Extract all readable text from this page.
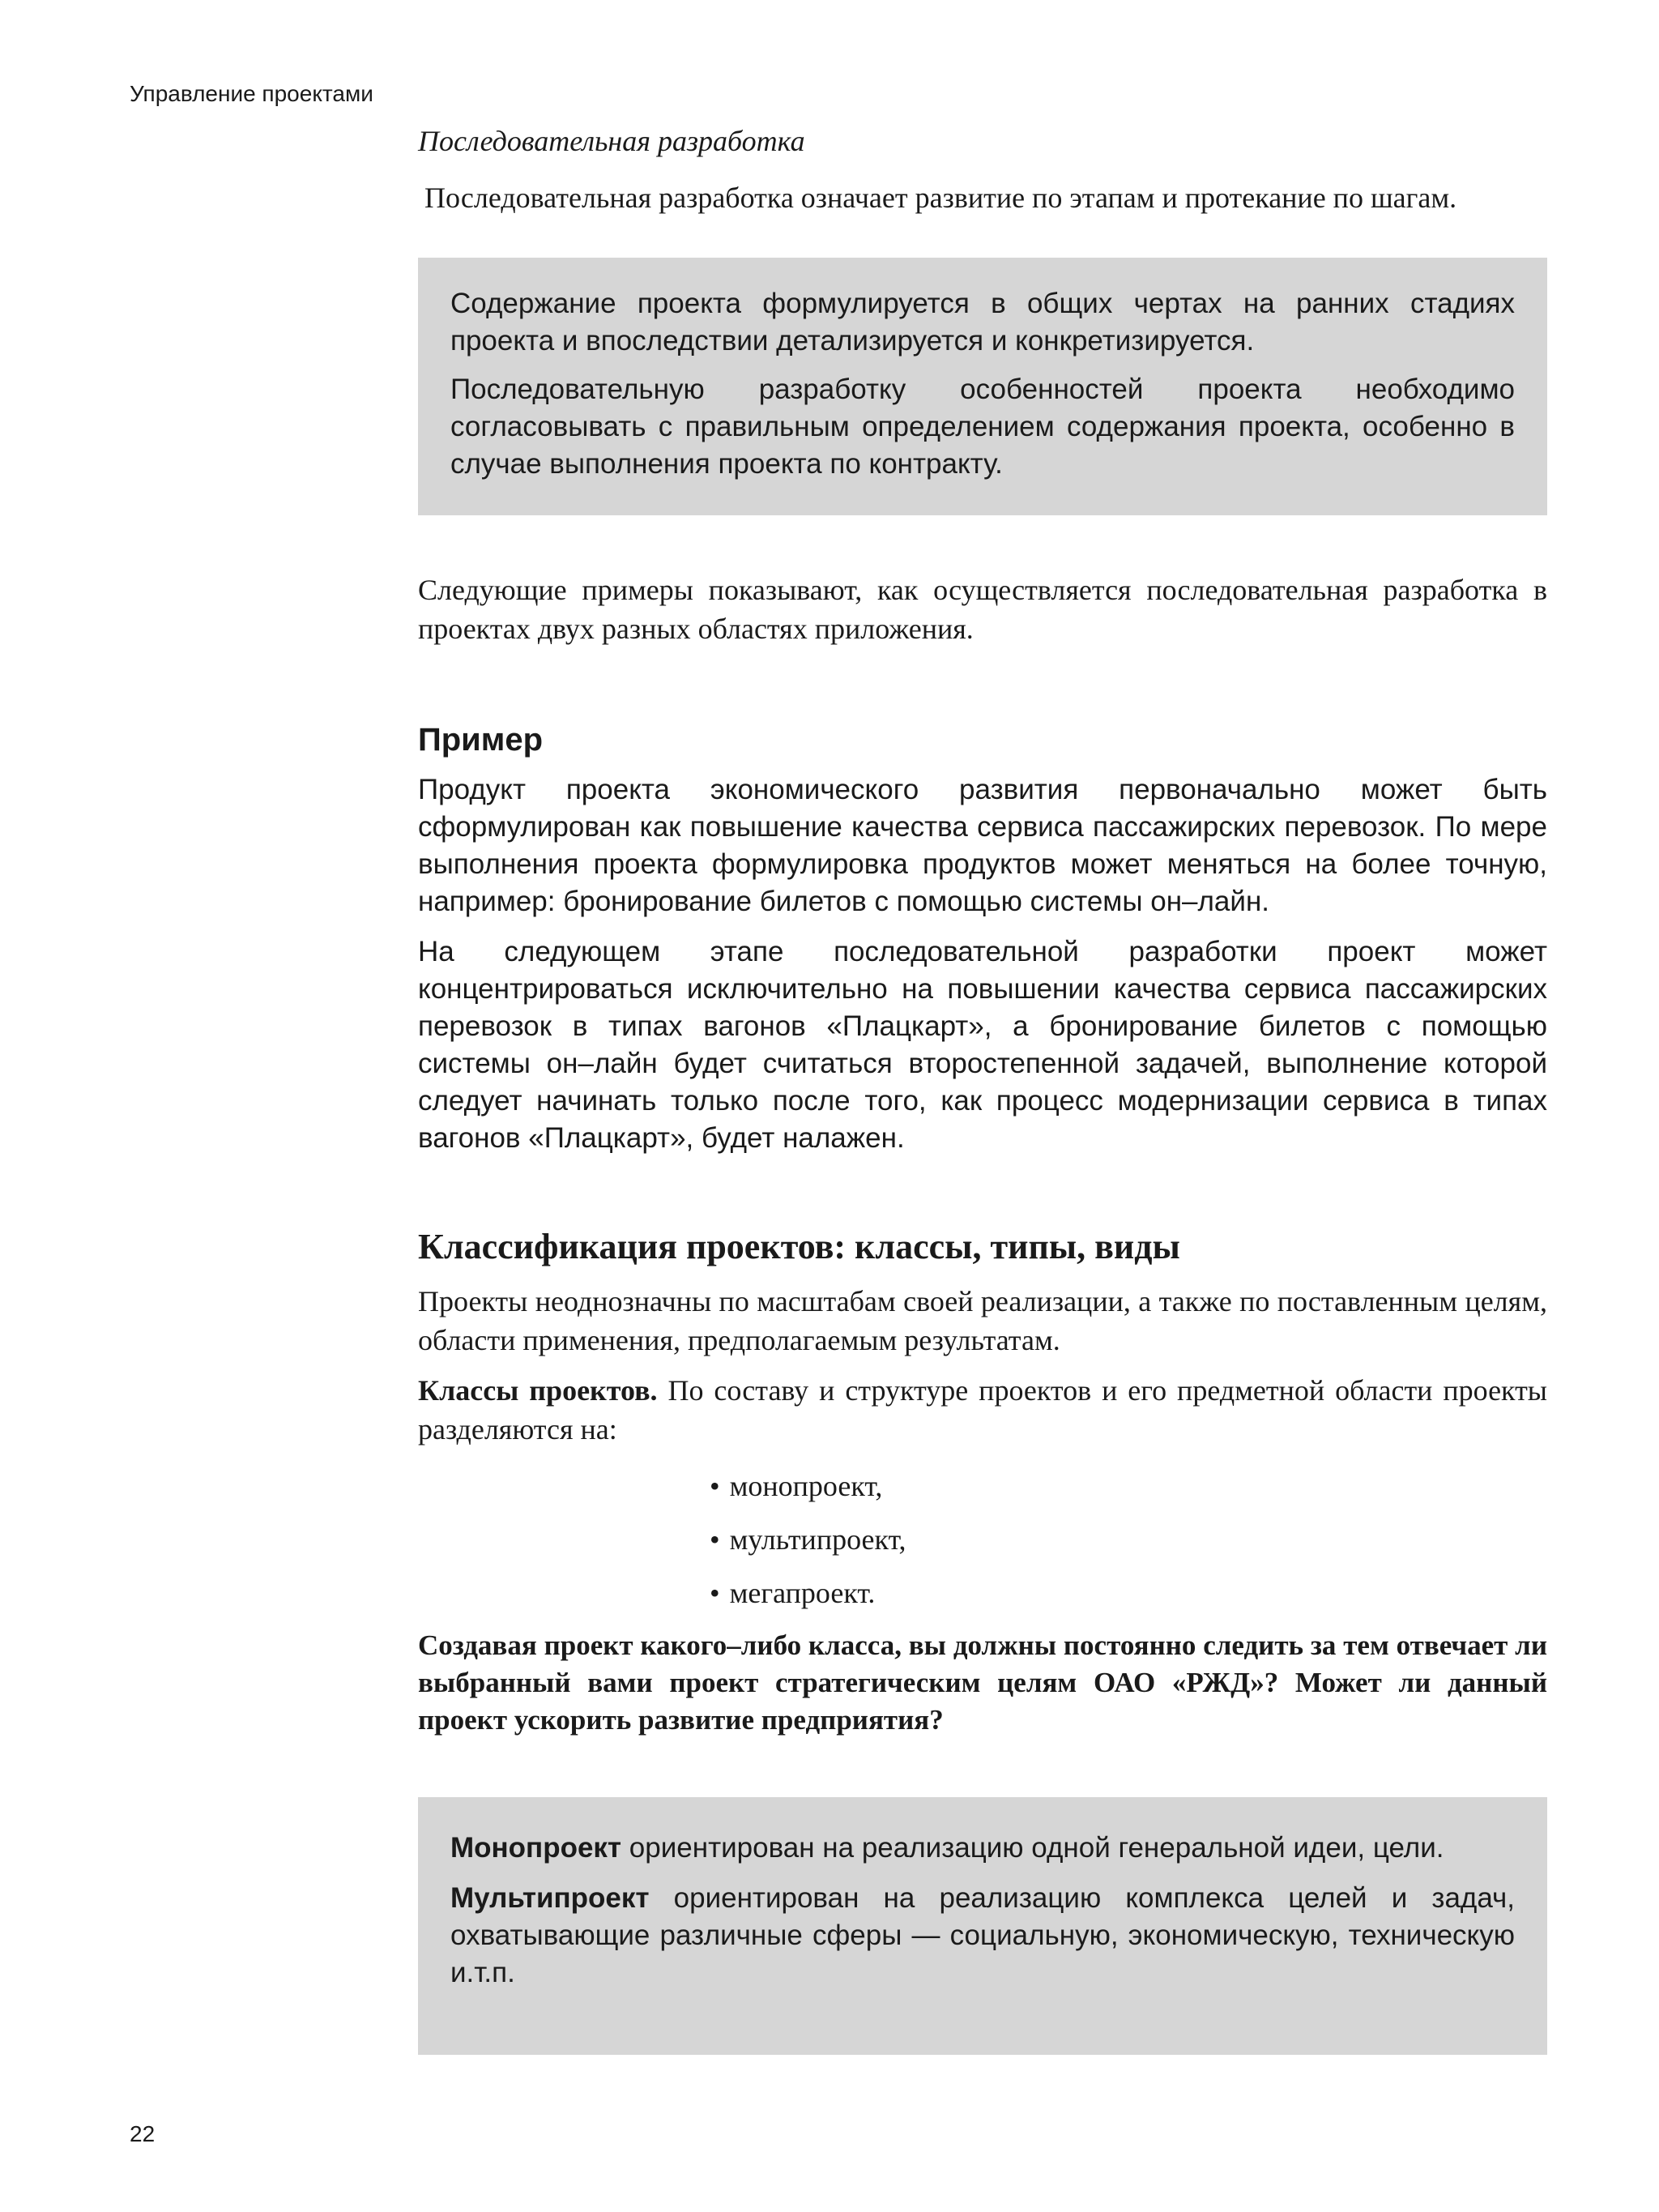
Управление проектами

Последовательная разработка

Последовательная разработка означает развитие по этапам и протекание по шагам.

Содержание проекта формулируется в общих чертах на ранних стадиях проекта и впоследствии детализируется и конкретизируется.

Последовательную разработку особенностей проекта необходимо согласовывать с правильным определением содержания проекта, особенно в случае выполнения проекта по контракту.

Следующие примеры показывают, как осуществляется последовательная разработка в проектах двух разных областях приложения.

Пример

Продукт проекта экономического развития первоначально может быть сформулирован как повышение качества сервиса пассажирских перевозок. По мере выполнения проекта формулировка продуктов может меняться на более точную, например: бронирование билетов с помощью системы он–лайн.

На следующем этапе последовательной разработки проект может концентрироваться исключительно на повышении качества сервиса пассажирских перевозок в типах вагонов «Плацкарт», а бронирование билетов с помощью системы он–лайн будет считаться второстепенной задачей, выполнение которой следует начинать только после того, как процесс модернизации сервиса в типах вагонов «Плацкарт», будет налажен.

Классификация проектов: классы, типы, виды

Проекты неоднозначны по масштабам своей реализации, а также по поставленным целям, области применения, предполагаемым результатам.

Классы проектов. По составу и структуре проектов и его предметной области проекты разделяются на:

• монопроект,
• мультипроект,
• мегапроект.

Создавая проект какого–либо класса, вы должны постоянно следить за тем отвечает ли выбранный вами проект стратегическим целям ОАО «РЖД»? Может ли данный проект ускорить развитие предприятия?

Монопроект ориентирован на реализацию одной генеральной идеи, цели.

Мультипроект ориентирован на реализацию комплекса целей и задач, охватывающие различные сферы — социальную, экономическую, техническую и.т.п.

22
